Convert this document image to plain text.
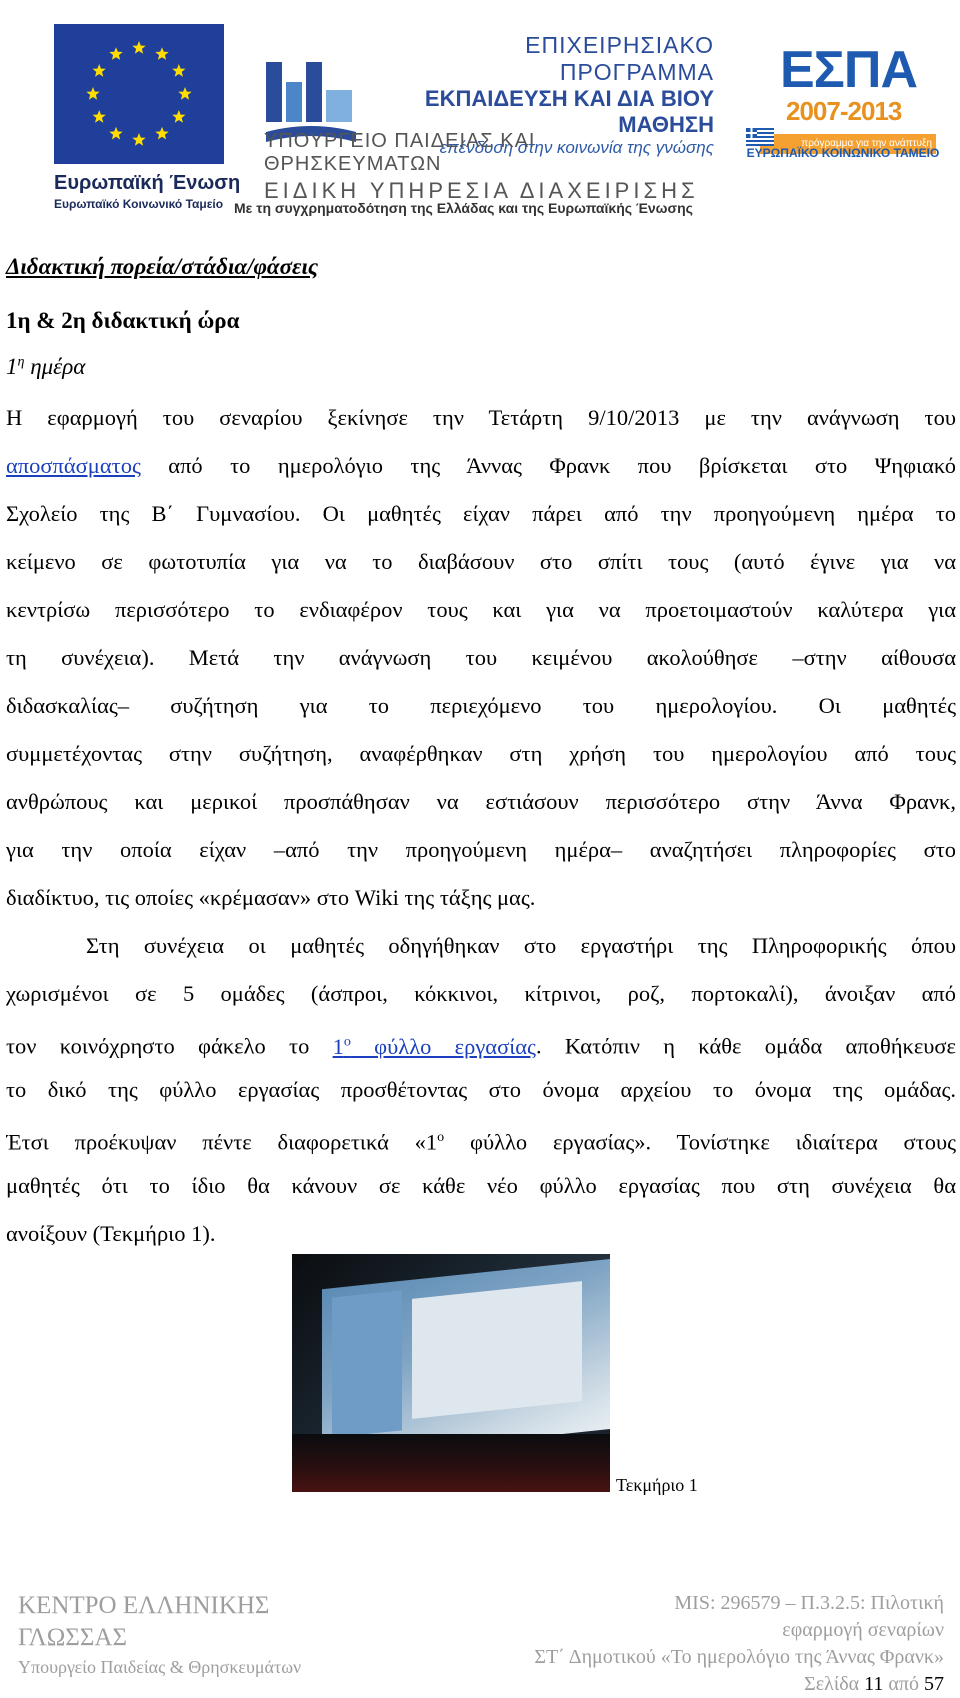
Ευρωπαϊκή Ένωση
Ευρωπαϊκό Κοινωνικό Ταμείο
ΕΠΙΧΕΙΡΗΣΙΑΚΟ ΠΡΟΓΡΑΜΜΑ
ΕΚΠΑΙΔΕΥΣΗ ΚΑΙ ΔΙΑ ΒΙΟΥ ΜΑΘΗΣΗ
επένδυση στην κοινωνία της γνώσης
ΥΠΟΥΡΓΕΙΟ ΠΑΙΔΕΙΑΣ ΚΑΙ ΘΡΗΣΚΕΥΜΑΤΩΝ
ΕΙΔΙΚΗ ΥΠΗΡΕΣΙΑ ΔΙΑΧΕΙΡΙΣΗΣ
Με τη συγχρηματοδότηση της Ελλάδας και της Ευρωπαϊκής Ένωσης
ΕΣΠΑ
2007-2013
πρόγραμμα για την ανάπτυξη
ΕΥΡΩΠΑΪΚΟ ΚΟΙΝΩΝΙΚΟ ΤΑΜΕΙΟ
Διδακτική πορεία/στάδια/φάσεις
1η & 2η διδακτική ώρα
$1^\eta$ ημέρα
Η εφαρμογή του σεναρίου ξεκίνησε την Τετάρτη 9/10/2013 με την ανάγνωση του
αποσπάσματος από το ημερολόγιο της Άννας Φρανκ που βρίσκεται στο Ψηφιακό
Σχολείο της Β΄ Γυμνασίου. Οι μαθητές είχαν πάρει από την προηγούμενη ημέρα το
κείμενο σε φωτοτυπία για να το διαβάσουν στο σπίτι τους (αυτό έγινε για να
κεντρίσω περισσότερο το ενδιαφέρον τους και για να προετοιμαστούν καλύτερα για
τη συνέχεια). Μετά την ανάγνωση του κειμένου ακολούθησε –στην αίθουσα
διδασκαλίας– συζήτηση για το περιεχόμενο του ημερολογίου. Οι μαθητές
συμμετέχοντας στην συζήτηση, αναφέρθηκαν στη χρήση του ημερολογίου από τους
ανθρώπους και μερικοί προσπάθησαν να εστιάσουν περισσότερο στην Άννα Φρανκ,
για την οποία είχαν –από την προηγούμενη ημέρα– αναζητήσει πληροφορίες στο
διαδίκτυο, τις οποίες «κρέμασαν» στο Wiki της τάξης μας.
Στη συνέχεια οι μαθητές οδηγήθηκαν στο εργαστήρι της Πληροφορικής όπου
χωρισμένοι σε 5 ομάδες (άσπροι, κόκκινοι, κίτρινοι, ροζ, πορτοκαλί), άνοιξαν από
τον κοινόχρηστο φάκελο το 1$^o$ φύλλο εργασίας. Κατόπιν η κάθε ομάδα αποθήκευσε
το δικό της φύλλο εργασίας προσθέτοντας στο όνομα αρχείου το όνομα της ομάδας.
Έτσι προέκυψαν πέντε διαφορετικά «$1^o$ φύλλο εργασίας». Τονίστηκε ιδιαίτερα στους
μαθητές ότι το ίδιο θα κάνουν σε κάθε νέο φύλλο εργασίας που στη συνέχεια θα
ανοίξουν (Τεκμήριο 1).
Τεκμήριο 1
ΚΕΝΤΡΟ ΕΛΛΗΝΙΚΗΣ
ΓΛΩΣΣΑΣ
Υπουργείο Παιδείας & Θρησκευμάτων
MIS: 296579 – Π.3.2.5: Πιλοτική
εφαρμογή σεναρίων
ΣΤ΄ Δημοτικού «Το ημερολόγιο της Άννας Φρανκ»
Σελίδα 11 από 57
